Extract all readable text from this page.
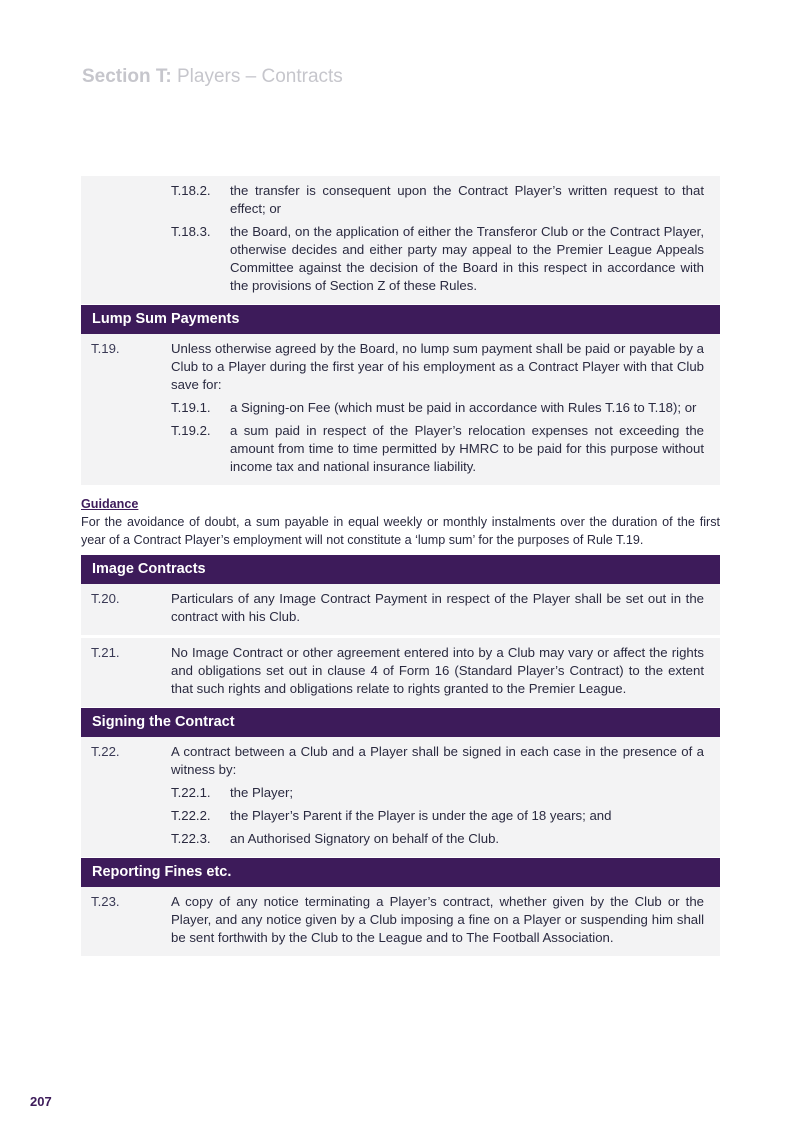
Section T: Players – Contracts
T.18.2.	the transfer is consequent upon the Contract Player’s written request to that effect; or
T.18.3.	the Board, on the application of either the Transferor Club or the Contract Player, otherwise decides and either party may appeal to the Premier League Appeals Committee against the decision of the Board in this respect in accordance with the provisions of Section Z of these Rules.
Lump Sum Payments
T.19.	Unless otherwise agreed by the Board, no lump sum payment shall be paid or payable by a Club to a Player during the first year of his employment as a Contract Player with that Club save for:
T.19.1.	a Signing-on Fee (which must be paid in accordance with Rules T.16 to T.18); or
T.19.2.	a sum paid in respect of the Player’s relocation expenses not exceeding the amount from time to time permitted by HMRC to be paid for this purpose without income tax and national insurance liability.
Guidance
For the avoidance of doubt, a sum payable in equal weekly or monthly instalments over the duration of the first year of a Contract Player’s employment will not constitute a ‘lump sum’ for the purposes of Rule T.19.
Image Contracts
T.20.	Particulars of any Image Contract Payment in respect of the Player shall be set out in the contract with his Club.
T.21.	No Image Contract or other agreement entered into by a Club may vary or affect the rights and obligations set out in clause 4 of Form 16 (Standard Player’s Contract) to the extent that such rights and obligations relate to rights granted to the Premier League.
Signing the Contract
T.22.	A contract between a Club and a Player shall be signed in each case in the presence of a witness by:
T.22.1.	the Player;
T.22.2.	the Player’s Parent if the Player is under the age of 18 years; and
T.22.3.	an Authorised Signatory on behalf of the Club.
Reporting Fines etc.
T.23.	A copy of any notice terminating a Player’s contract, whether given by the Club or the Player, and any notice given by a Club imposing a fine on a Player or suspending him shall be sent forthwith by the Club to the League and to The Football Association.
207
